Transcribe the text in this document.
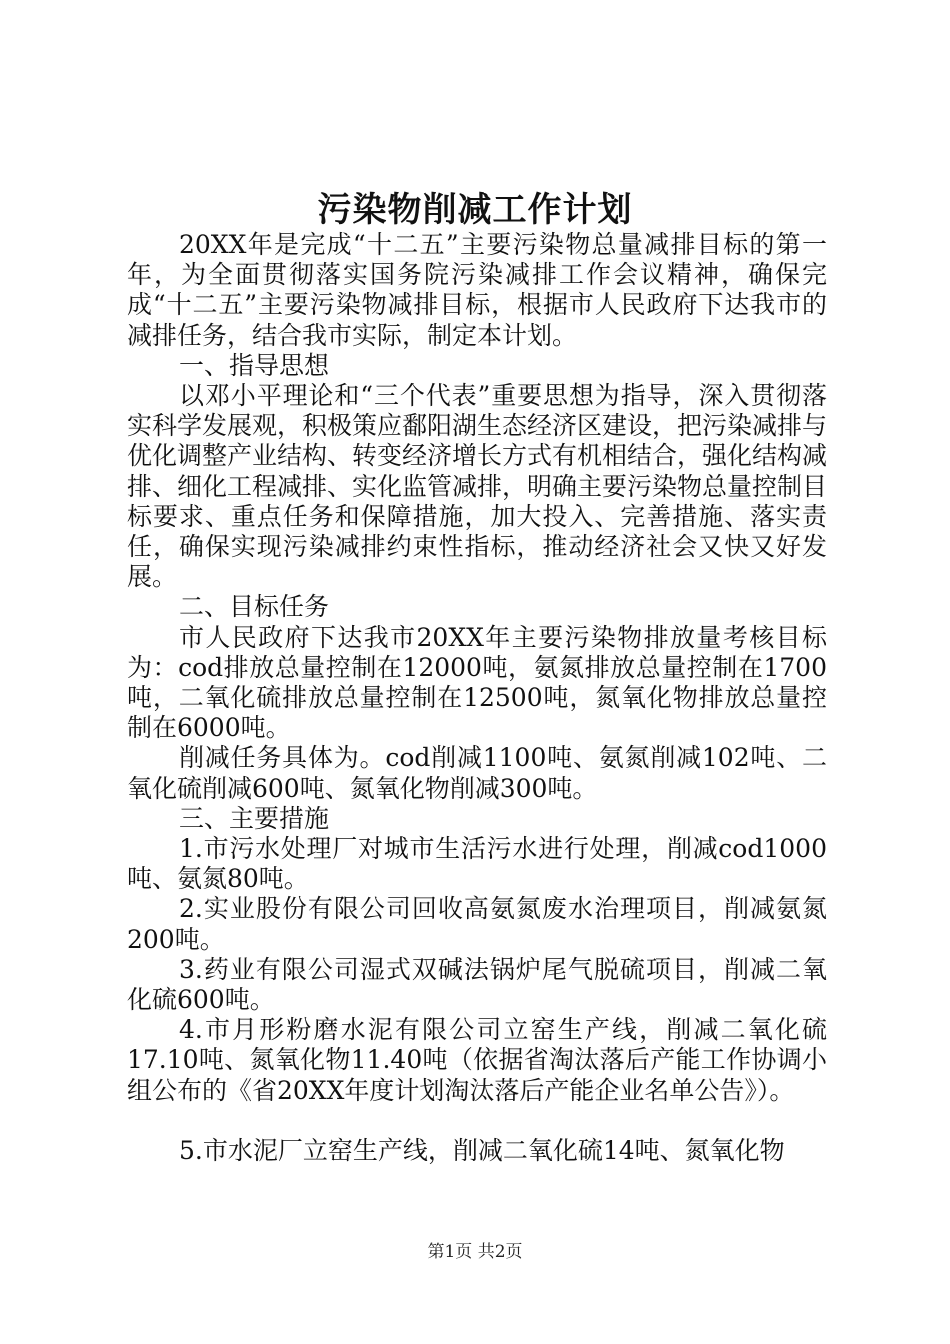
污染物削减工作计划

20XX年是完成“十二五”主要污染物总量减排目标的第一年，为全面贯彻落实国务院污染减排工作会议精神，确保完成“十二五”主要污染物减排目标，根据市人民政府下达我市的减排任务，结合我市实际，制定本计划。

一、指导思想

以邓小平理论和“三个代表”重要思想为指导，深入贯彻落实科学发展观，积极策应鄱阳湖生态经济区建设，把污染减排与优化调整产业结构、转变经济增长方式有机相结合，强化结构减排、细化工程减排、实化监管减排，明确主要污染物总量控制目标要求、重点任务和保障措施，加大投入、完善措施、落实责任，确保实现污染减排约束性指标，推动经济社会又快又好发展。

二、目标任务

市人民政府下达我市20XX年主要污染物排放量考核目标为：cod排放总量控制在12000吨，氨氮排放总量控制在1700吨，二氧化硫排放总量控制在12500吨，氮氧化物排放总量控制在6000吨。

削减任务具体为。cod削减1100吨、氨氮削减102吨、二氧化硫削减600吨、氮氧化物削减300吨。

三、主要措施

1.市污水处理厂对城市生活污水进行处理，削减cod1000吨、氨氮80吨。

2.实业股份有限公司回收高氨氮废水治理项目，削减氨氮200吨。

3.药业有限公司湿式双碱法锅炉尾气脱硫项目，削减二氧化硫600吨。

4.市月形粉磨水泥有限公司立窑生产线，削减二氧化硫17.10吨、氮氧化物11.40吨（依据省淘汰落后产能工作协调小组公布的《省20XX年度计划淘汰落后产能企业名单公告》）。

5.市水泥厂立窑生产线，削减二氧化硫14吨、氮氧化物

第1页 共2页
